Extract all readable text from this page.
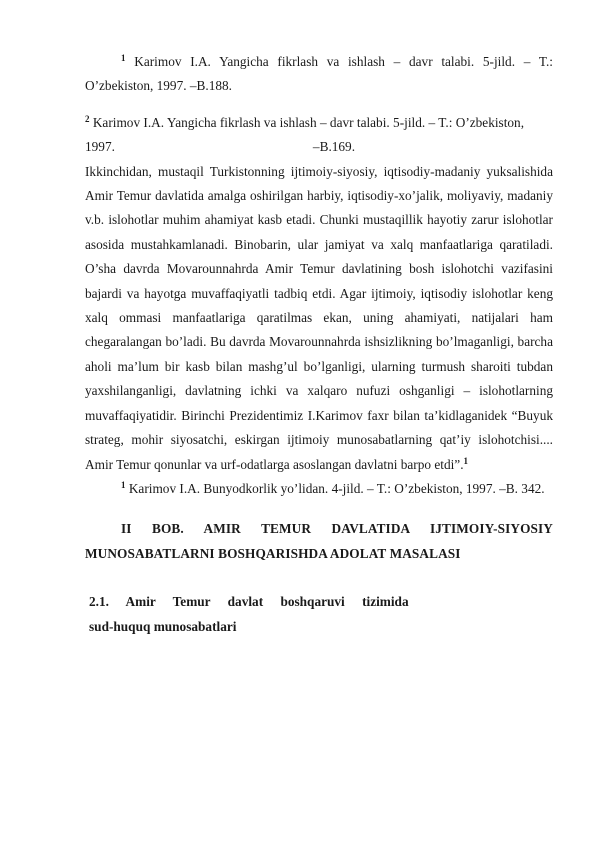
$^1$ Karimov I.A. Yangicha fikrlash va ishlash – davr talabi. 5-jild. – T.: O’zbekiston, 1997. –B.188.

$^2$ Karimov I.A. Yangicha fikrlash va ishlash – davr talabi. 5-jild. – T.: O’zbekiston,

1997.	–B.169.

Ikkinchidan, mustaqil Turkistonning ijtimoiy-siyosiy, iqtisodiy-madaniy yuksalishida Amir Temur davlatida amalga oshirilgan harbiy, iqtisodiy-xo’jalik, moliyaviy, madaniy v.b. islohotlar muhim ahamiyat kasb etadi. Chunki mustaqillik hayotiy zarur islohotlar asosida mustahkamlanadi. Binobarin, ular jamiyat va xalq manfaatlariga qaratiladi. O’sha davrda Movarounnahrda Amir Temur davlatining bosh islohotchi vazifasini bajardi va hayotga muvaffaqiyatli tadbiq etdi. Agar ijtimoiy, iqtisodiy islohotlar keng xalq ommasi manfaatlariga qaratilmas ekan, uning ahamiyati, natijalari ham chegaralangan bo’ladi. Bu davrda Movarounnahrda ishsizlikning bo’lmaganligi, barcha aholi ma’lum bir kasb bilan mashg’ul bo’lganligi, ularning turmush sharoiti tubdan yaxshilanganligi, davlatning ichki va xalqaro nufuzi oshganligi – islohotlarning muvaffaqiyatidir. Birinchi Prezidentimiz I.Karimov faxr bilan ta’kidlaganidek “Buyuk strateg, mohir siyosatchi, eskirgan ijtimoiy munosabatlarning qat’iy islohotchisi.... Amir Temur qonunlar va urf-odatlarga asoslangan davlatni barpo etdi”.$^1$

$^1$ Karimov I.A. Bunyodkorlik yo’lidan. 4-jild. – T.: O’zbekiston, 1997. –B. 342.

II BOB. AMIR TEMUR DAVLATIDA IJTIMOIY-SIYOSIY MUNOSABATLARNI BOSHQARISHDA ADOLAT MASALASI

2.1. Amir Temur davlat boshqaruvi tizimida
sud-huquq munosabatlari
